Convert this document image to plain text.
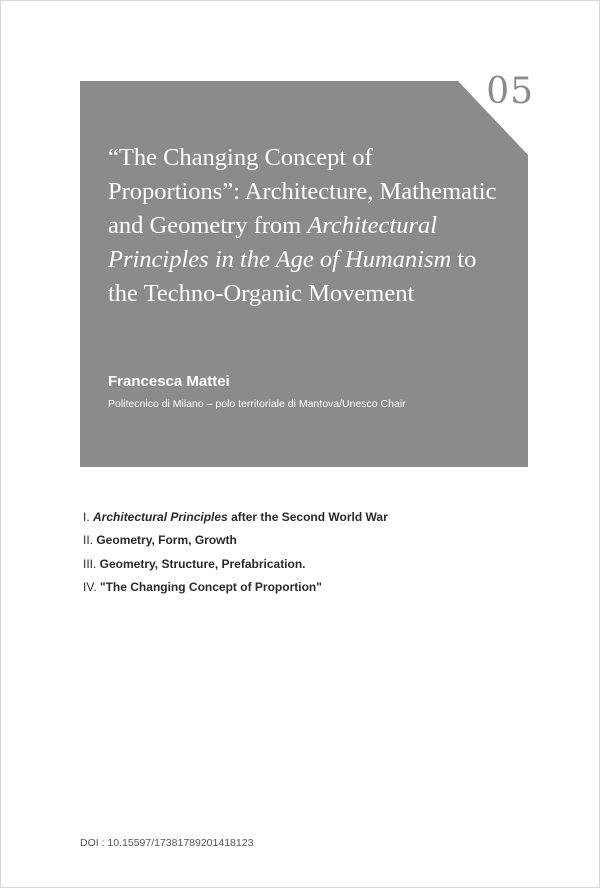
05
“The Changing Concept of
Proportions”: Architecture, Mathematic
and Geometry from Architectural
Principles in the Age of Humanism to
the Techno-Organic Movement
Francesca Mattei
Politecnico di Milano – polo territoriale di Mantova/Unesco Chair
I. Architectural Principles after the Second World War
II. Geometry, Form, Growth
III. Geometry, Structure, Prefabrication.
IV. "The Changing Concept of Proportion"
DOI : 10.15597/17381789201418123
